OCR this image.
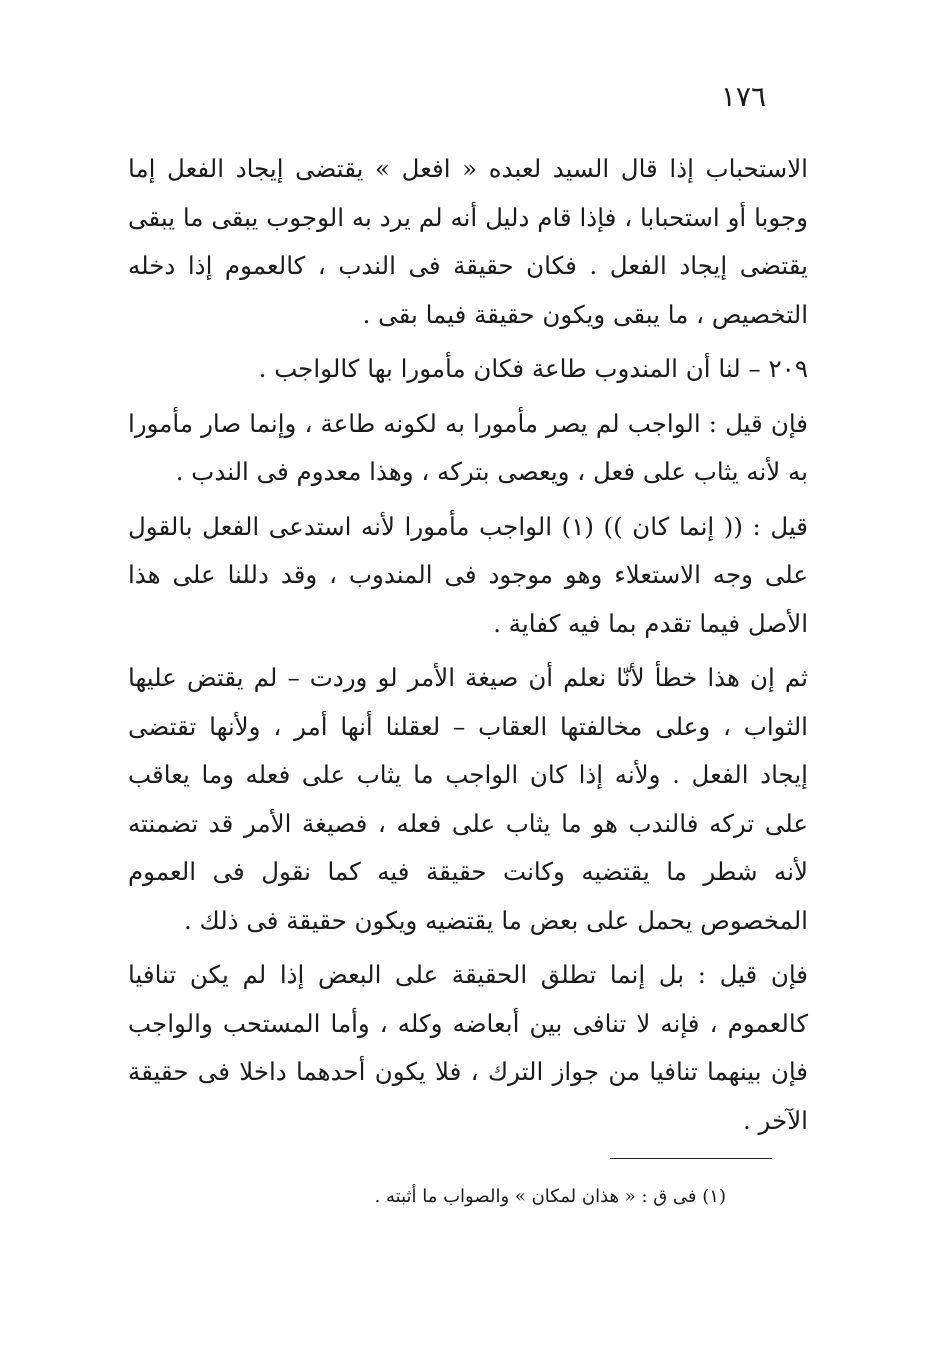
١٧٦

الاستحباب إذا قال السيد لعبده « افعل » يقتضى إيجاد الفعل إما وجوبا أو استحبابا ، فإذا قام دليل أنه لم يرد به الوجوب يبقى ما يبقى يقتضى إيجاد الفعل . فكان حقيقة فى الندب ، كالعموم إذا دخله التخصيص ، ما يبقى ويكون حقيقة فيما بقى .

٢٠٩ – لنا أن المندوب طاعة فكان مأمورا بها كالواجب .

فإن قيل : الواجب لم يصر مأمورا به لكونه طاعة ، وإنما صار مأمورا به لأنه يثاب على فعل ، ويعصى بتركه ، وهذا معدوم فى الندب .

قيل : (( إنما كان )) (١) الواجب مأمورا لأنه استدعى الفعل بالقول على وجه الاستعلاء وهو موجود فى المندوب ، وقد دللنا على هذا الأصل فيما تقدم بما فيه كفاية .

ثم إن هذا خطأ لأنّا نعلم أن صيغة الأمر لو وردت – لم يقتض عليها الثواب ، وعلى مخالفتها العقاب – لعقلنا أنها أمر ، ولأنها تقتضى إيجاد الفعل . ولأنه إذا كان الواجب ما يثاب على فعله وما يعاقب على تركه فالندب هو ما يثاب على فعله ، فصيغة الأمر قد تضمنته لأنه شطر ما يقتضيه وكانت حقيقة فيه كما نقول فى العموم المخصوص يحمل على بعض ما يقتضيه ويكون حقيقة فى ذلك .

فإن قيل : بل إنما تطلق الحقيقة على البعض إذا لم يكن تنافيا كالعموم ، فإنه لا تنافى بين أبعاضه وكله ، وأما المستحب والواجب فإن بينهما تنافيا من جواز الترك ، فلا يكون أحدهما داخلا فى حقيقة الآخر .

(١) فى ق : « هذان لمكان » والصواب ما أثبته .
